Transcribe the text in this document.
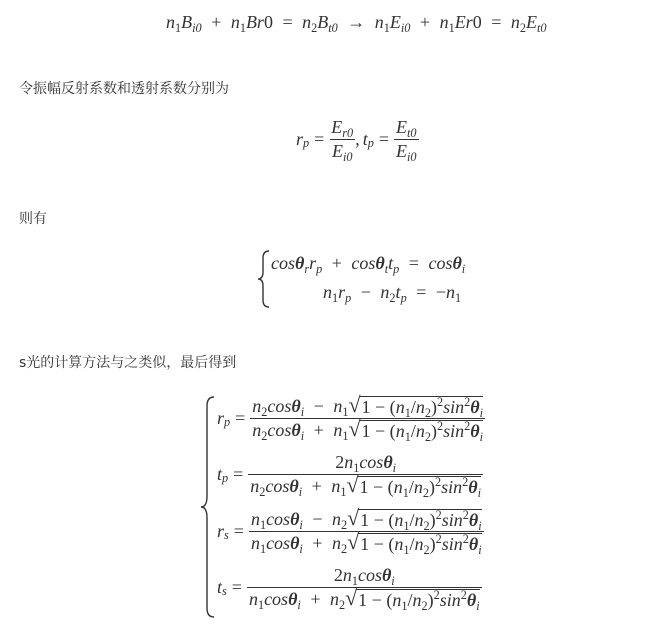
$n_1B_{i0} + n_1Br0 = n_2B_{t0} \to n_1E_{i0} + n_1Er0 = n_2E_{t0}$
令振幅反射系数和透射系数分别为
$r_p = \frac{E_{r0}}{E_{i0}}$ , $t_p = \frac{E_{t0}}{E_{i0}}$
则有
$\cos\theta_rr_p + \cos\theta_tt_p = \cos\theta_i$
$n_1r_p - n_2t_p = -n_1$
s光的计算方法与之类似，最后得到
$r_p = \frac{n_2\cos\theta_i - n_1 √ 1 - (n_1/n_2)^2\sin^2\theta_i}{n_2\cos\theta_i + n_1 √ 1 - (n_1/n_2)^2\sin^2\theta_i}$
$t_p = \frac{2n_1\cos\theta_i}{n_2\cos\theta_i + n_1 √ 1 - (n_1/n_2)^2\sin^2\theta_i}$
$r_s = \frac{n_1\cos\theta_i - n_2 √ 1 - (n_1/n_2)^2\sin^2\theta_i}{n_1\cos\theta_i + n_2 √ 1 - (n_1/n_2)^2\sin^2\theta_i}$
$t_s = \frac{2n_1\cos\theta_i}{n_1\cos\theta_i + n_2 √ 1 - (n_1/n_2)^2\sin^2\theta_i}$
